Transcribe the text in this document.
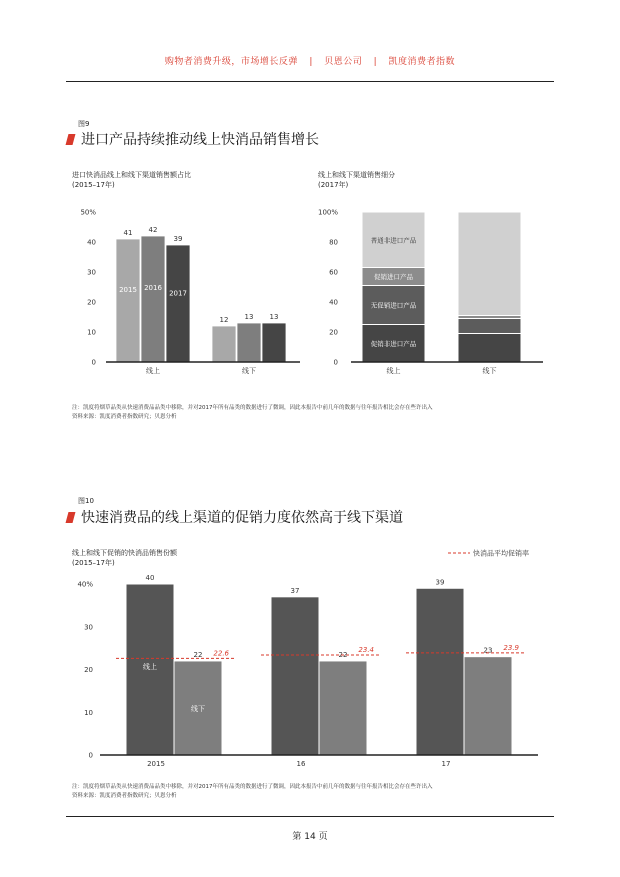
购物者消费升级，市场增长反弹 | 贝恩公司 | 凯度消费者指数
图9
进口产品持续推动线上快消品销售增长
进口快消品线上和线下渠道销售额占比
(2015–17年)
线上和线下渠道销售细分
(2017年)
0
10
20
30
40
50%
41
2015
42
2016
39
2017
线上
12 13 13
线下
0
20
40
60
80
100%
促销非进口产品
无促销进口产品
促销进口产品
普通非进口产品
线上	线下
注：凯度将烟草品类从快速消费品品类中移除，并对2017年所有品类的数据进行了微调，因此本报告中前几年的数据与往年报告相比会存在些许出入
资料来源：凯度消费者指数研究；贝恩分析
图10
快速消费品的线上渠道的促销力度依然高于线下渠道
线上和线下促销的快消品销售份额
(2015–17年)
0
10
20
30
40%
快消品平均促销率
40
线上
22
线下
22.6
2015
37
22
23.4
16
39
23 23.9
17
注：凯度将烟草品类从快速消费品品类中移除，并对2017年所有品类的数据进行了微调，因此本报告中前几年的数据与往年报告相比会存在些许出入
资料来源：凯度消费者指数研究；贝恩分析
第 14 页
